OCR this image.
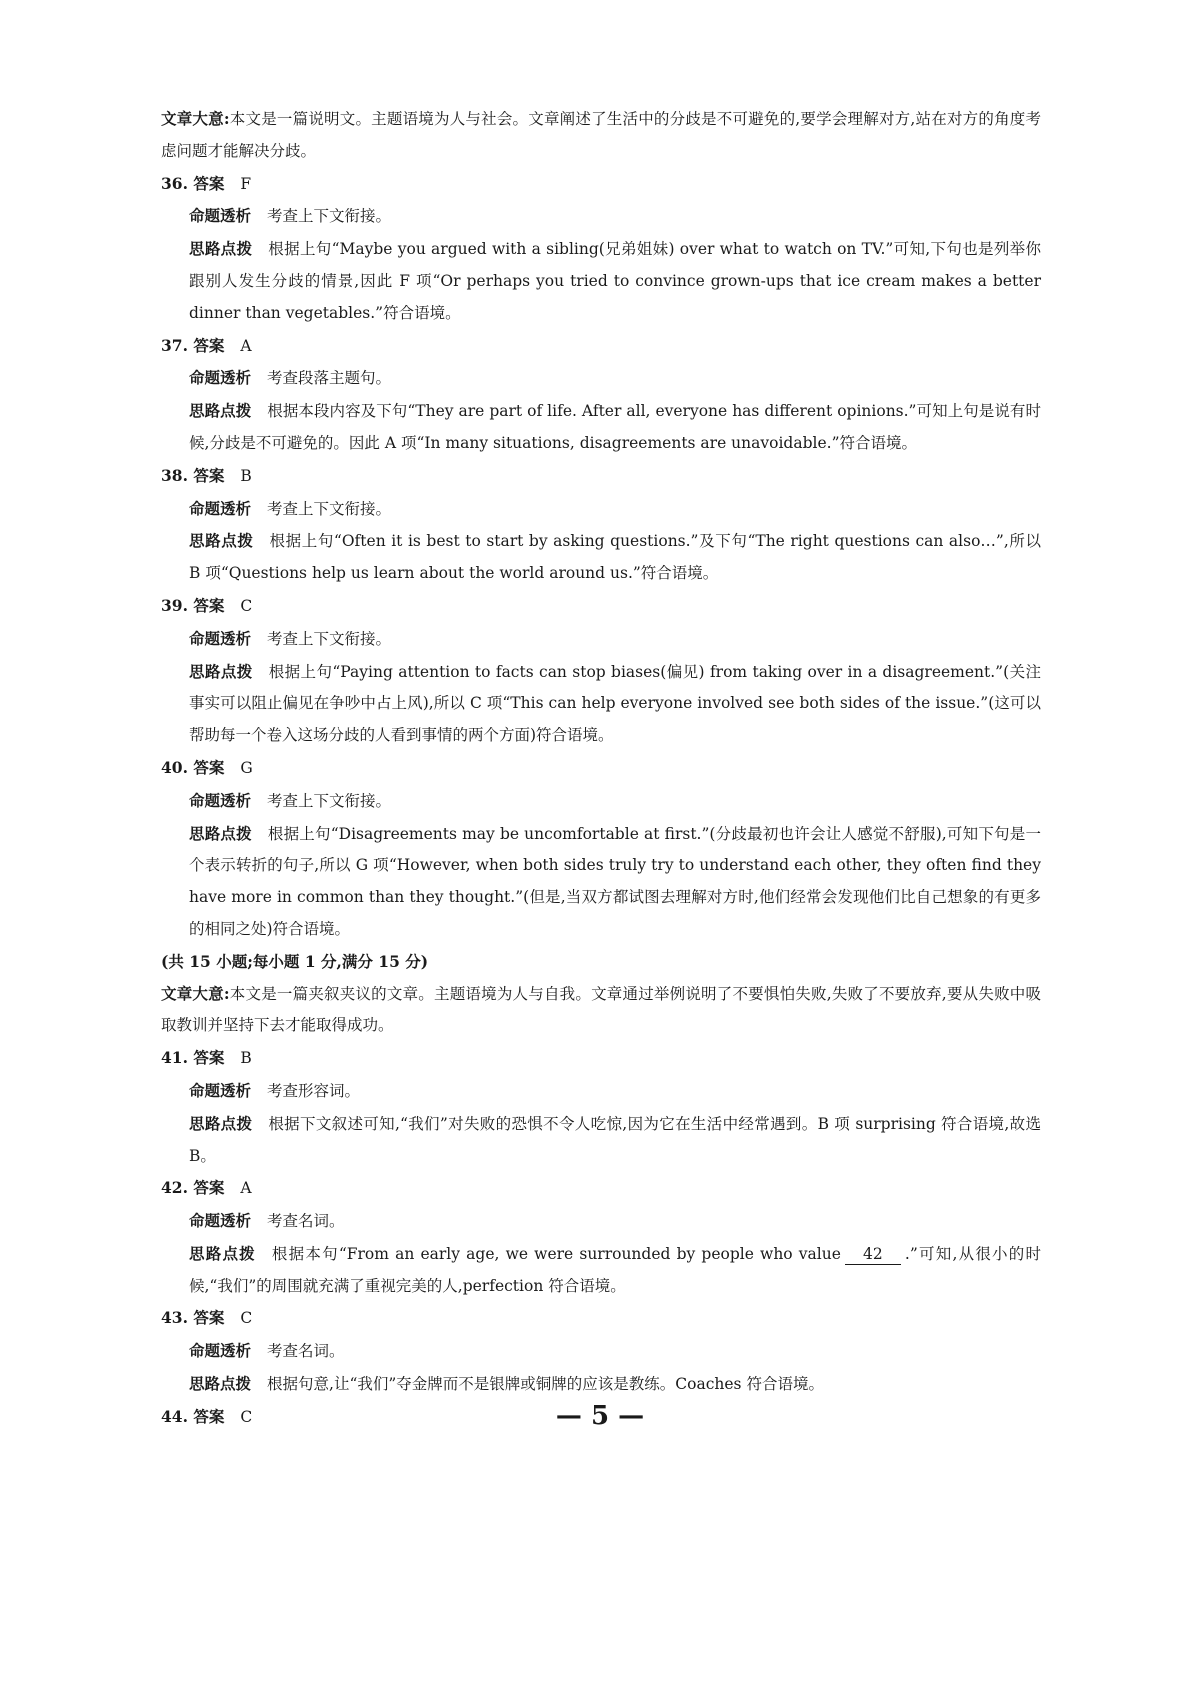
文章大意:本文是一篇说明文。主题语境为人与社会。文章阐述了生活中的分歧是不可避免的,要学会理解对方,站在对方的角度考虑问题才能解决分歧。

36. 答案 F

命题透析 考查上下文衔接。

思路点拨 根据上句“Maybe you argued with a sibling(兄弟姐妹) over what to watch on TV.”可知,下句也是列举你跟别人发生分歧的情景,因此 F 项“Or perhaps you tried to convince grown-ups that ice cream makes a better dinner than vegetables.”符合语境。

37. 答案 A

命题透析 考查段落主题句。

思路点拨 根据本段内容及下句“They are part of life. After all, everyone has different opinions.”可知上句是说有时候,分歧是不可避免的。因此 A 项“In many situations, disagreements are unavoidable.”符合语境。

38. 答案 B

命题透析 考查上下文衔接。

思路点拨 根据上句“Often it is best to start by asking questions.”及下句“The right questions can also…”,所以 B 项“Questions help us learn about the world around us.”符合语境。

39. 答案 C

命题透析 考查上下文衔接。

思路点拨 根据上句“Paying attention to facts can stop biases(偏见) from taking over in a disagreement.”(关注事实可以阻止偏见在争吵中占上风),所以 C 项“This can help everyone involved see both sides of the issue.”(这可以帮助每一个卷入这场分歧的人看到事情的两个方面)符合语境。

40. 答案 G

命题透析 考查上下文衔接。

思路点拨 根据上句“Disagreements may be uncomfortable at first.”(分歧最初也许会让人感觉不舒服),可知下句是一个表示转折的句子,所以 G 项“However, when both sides truly try to understand each other, they often find they have more in common than they thought.”(但是,当双方都试图去理解对方时,他们经常会发现他们比自己想象的有更多的相同之处)符合语境。

(共 15 小题;每小题 1 分,满分 15 分)

文章大意:本文是一篇夹叙夹议的文章。主题语境为人与自我。文章通过举例说明了不要惧怕失败,失败了不要放弃,要从失败中吸取教训并坚持下去才能取得成功。

41. 答案 B

命题透析 考查形容词。

思路点拨 根据下文叙述可知,“我们”对失败的恐惧不令人吃惊,因为它在生活中经常遇到。B 项 surprising 符合语境,故选 B。

42. 答案 A

命题透析 考查名词。

思路点拨 根据本句“From an early age, we were surrounded by people who value 42 .”可知,从很小的时候,“我们”的周围就充满了重视完美的人,perfection 符合语境。

43. 答案 C

命题透析 考查名词。

思路点拨 根据句意,让“我们”夺金牌而不是银牌或铜牌的应该是教练。Coaches 符合语境。

44. 答案 C	— 5 —
